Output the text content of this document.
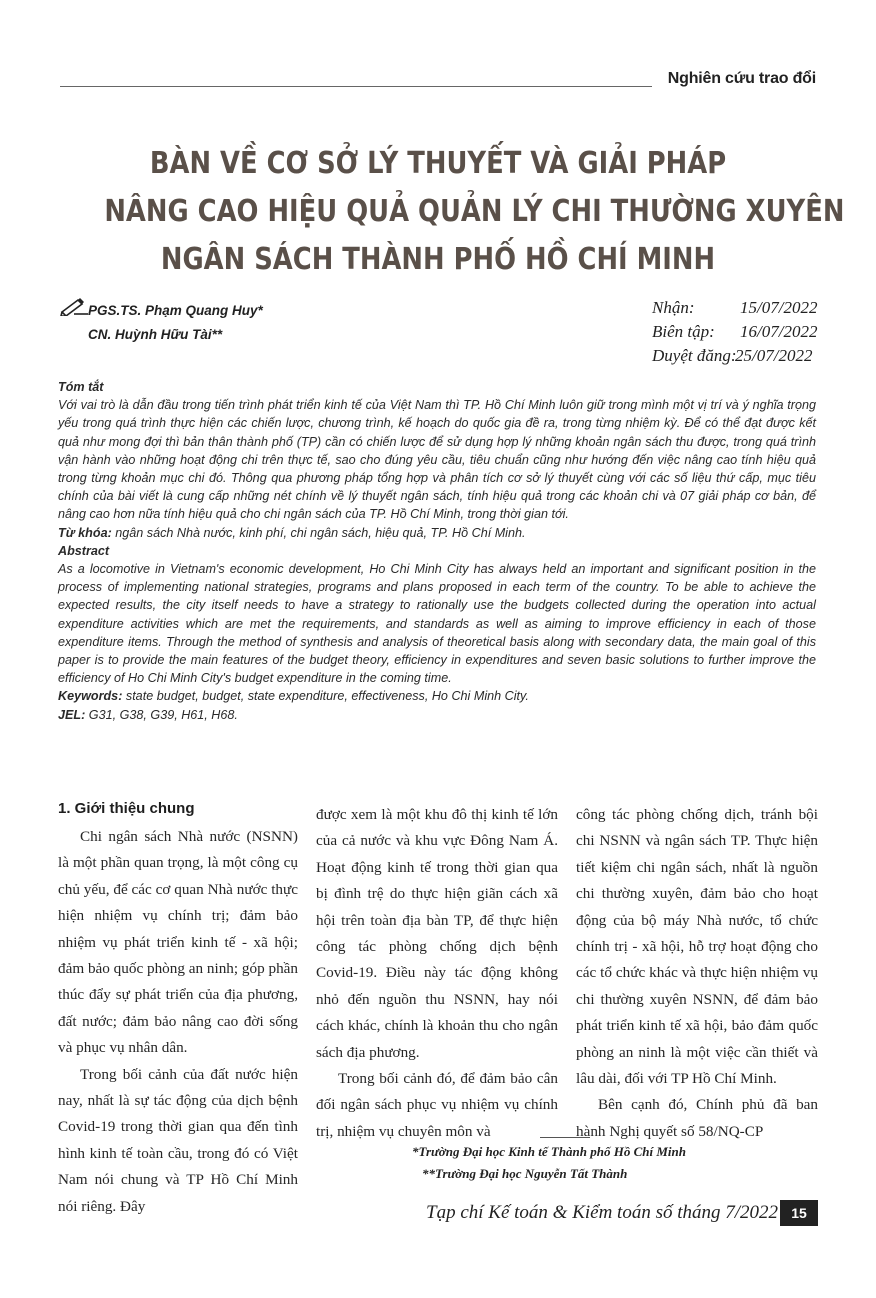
Nghiên cứu trao đổi
BÀN VỀ CƠ SỞ LÝ THUYẾT VÀ GIẢI PHÁP
NÂNG CAO HIỆU QUẢ QUẢN LÝ CHI THƯỜNG XUYÊN
NGÂN SÁCH THÀNH PHỐ HỒ CHÍ MINH
PGS.TS. Phạm Quang Huy*
CN. Huỳnh Hữu Tài**
Nhận:	15/07/2022
Biên tập: 16/07/2022
Duyệt đăng:
25/07/2022
Tóm tắt

Với vai trò là dẫn đầu trong tiến trình phát triển kinh tế của Việt Nam thì TP. Hồ Chí Minh luôn giữ trong mình một vị trí và ý nghĩa trọng yếu trong quá trình thực hiện các chiến lược, chương trình, kế hoạch do quốc gia đề ra, trong từng nhiệm kỳ. Để có thể đạt được kết quả như mong đợi thì bản thân thành phố (TP) cần có chiến lược để sử dụng hợp lý những khoản ngân sách thu được, trong quá trình vận hành vào những hoạt động chi trên thực tế, sao cho đúng yêu cầu, tiêu chuẩn cũng như hướng đến việc nâng cao tính hiệu quả trong từng khoản mục chi đó. Thông qua phương pháp tổng hợp và phân tích cơ sở lý thuyết cùng với các số liệu thứ cấp, mục tiêu chính của bài viết là cung cấp những nét chính về lý thuyết ngân sách, tính hiệu quả trong các khoản chi và 07 giải pháp cơ bản, để nâng cao hơn nữa tính hiệu quả cho chi ngân sách của TP. Hồ Chí Minh, trong thời gian tới.

Từ khóa: ngân sách Nhà nước, kinh phí, chi ngân sách, hiệu quả, TP. Hồ Chí Minh.

Abstract

As a locomotive in Vietnam's economic development, Ho Chi Minh City has always held an important and significant position in the process of implementing national strategies, programs and plans proposed in each term of the country. To be able to achieve the expected results, the city itself needs to have a strategy to rationally use the budgets collected during the operation into actual expenditure activities which are met the requirements, and standards as well as aiming to improve efficiency in each of those expenditure items. Through the method of synthesis and analysis of theoretical basis along with secondary data, the main goal of this paper is to provide the main features of the budget theory, efficiency in expenditures and seven basic solutions to further improve the efficiency of Ho Chi Minh City's budget expenditure in the coming time.

Keywords: state budget, budget, state expenditure, effectiveness, Ho Chi Minh City.

JEL: G31, G38, G39, H61, H68.

1. Giới thiệu chung

Chi ngân sách Nhà nước (NSNN) là một phần quan trọng, là một công cụ chủ yếu, để các cơ quan Nhà nước thực hiện nhiệm vụ chính trị; đảm bảo nhiệm vụ phát triển kinh tế - xã hội; đảm bảo quốc phòng an ninh; góp phần thúc đẩy sự phát triển của địa phương, đất nước; đảm bảo nâng cao đời sống và phục vụ nhân dân.

Trong bối cảnh của đất nước hiện nay, nhất là sự tác động của dịch bệnh Covid-19 trong thời gian qua đến tình hình kinh tế toàn cầu, trong đó có Việt Nam nói chung và TP Hồ Chí Minh nói riêng. Đây

được xem là một khu đô thị kinh tế lớn của cả nước và khu vực Đông Nam Á. Hoạt động kinh tế trong thời gian qua bị đình trệ do thực hiện giãn cách xã hội trên toàn địa bàn TP, để thực hiện công tác phòng chống dịch bệnh Covid-19. Điều này tác động không nhỏ đến nguồn thu NSNN, hay nói cách khác, chính là khoản thu cho ngân sách địa phương.

Trong bối cảnh đó, để đảm bảo cân đối ngân sách phục vụ nhiệm vụ chính trị, nhiệm vụ chuyên môn và

công tác phòng chống dịch, tránh bội chi NSNN và ngân sách TP. Thực hiện tiết kiệm chi ngân sách, nhất là nguồn chi thường xuyên, đảm bảo cho hoạt động của bộ máy Nhà nước, tổ chức chính trị - xã hội, hỗ trợ hoạt động cho các tổ chức khác và thực hiện nhiệm vụ chi thường xuyên NSNN, để đảm bảo phát triển kinh tế xã hội, bảo đảm quốc phòng an ninh là một việc cần thiết và lâu dài, đối với TP Hồ Chí Minh.

Bên cạnh đó, Chính phủ đã ban hành Nghị quyết số 58/NQ-CP

*Trường Đại học Kinh tế Thành phố Hồ Chí Minh
**Trường Đại học Nguyễn Tất Thành
Tạp chí Kế toán & Kiểm toán số tháng 7/2022 15
